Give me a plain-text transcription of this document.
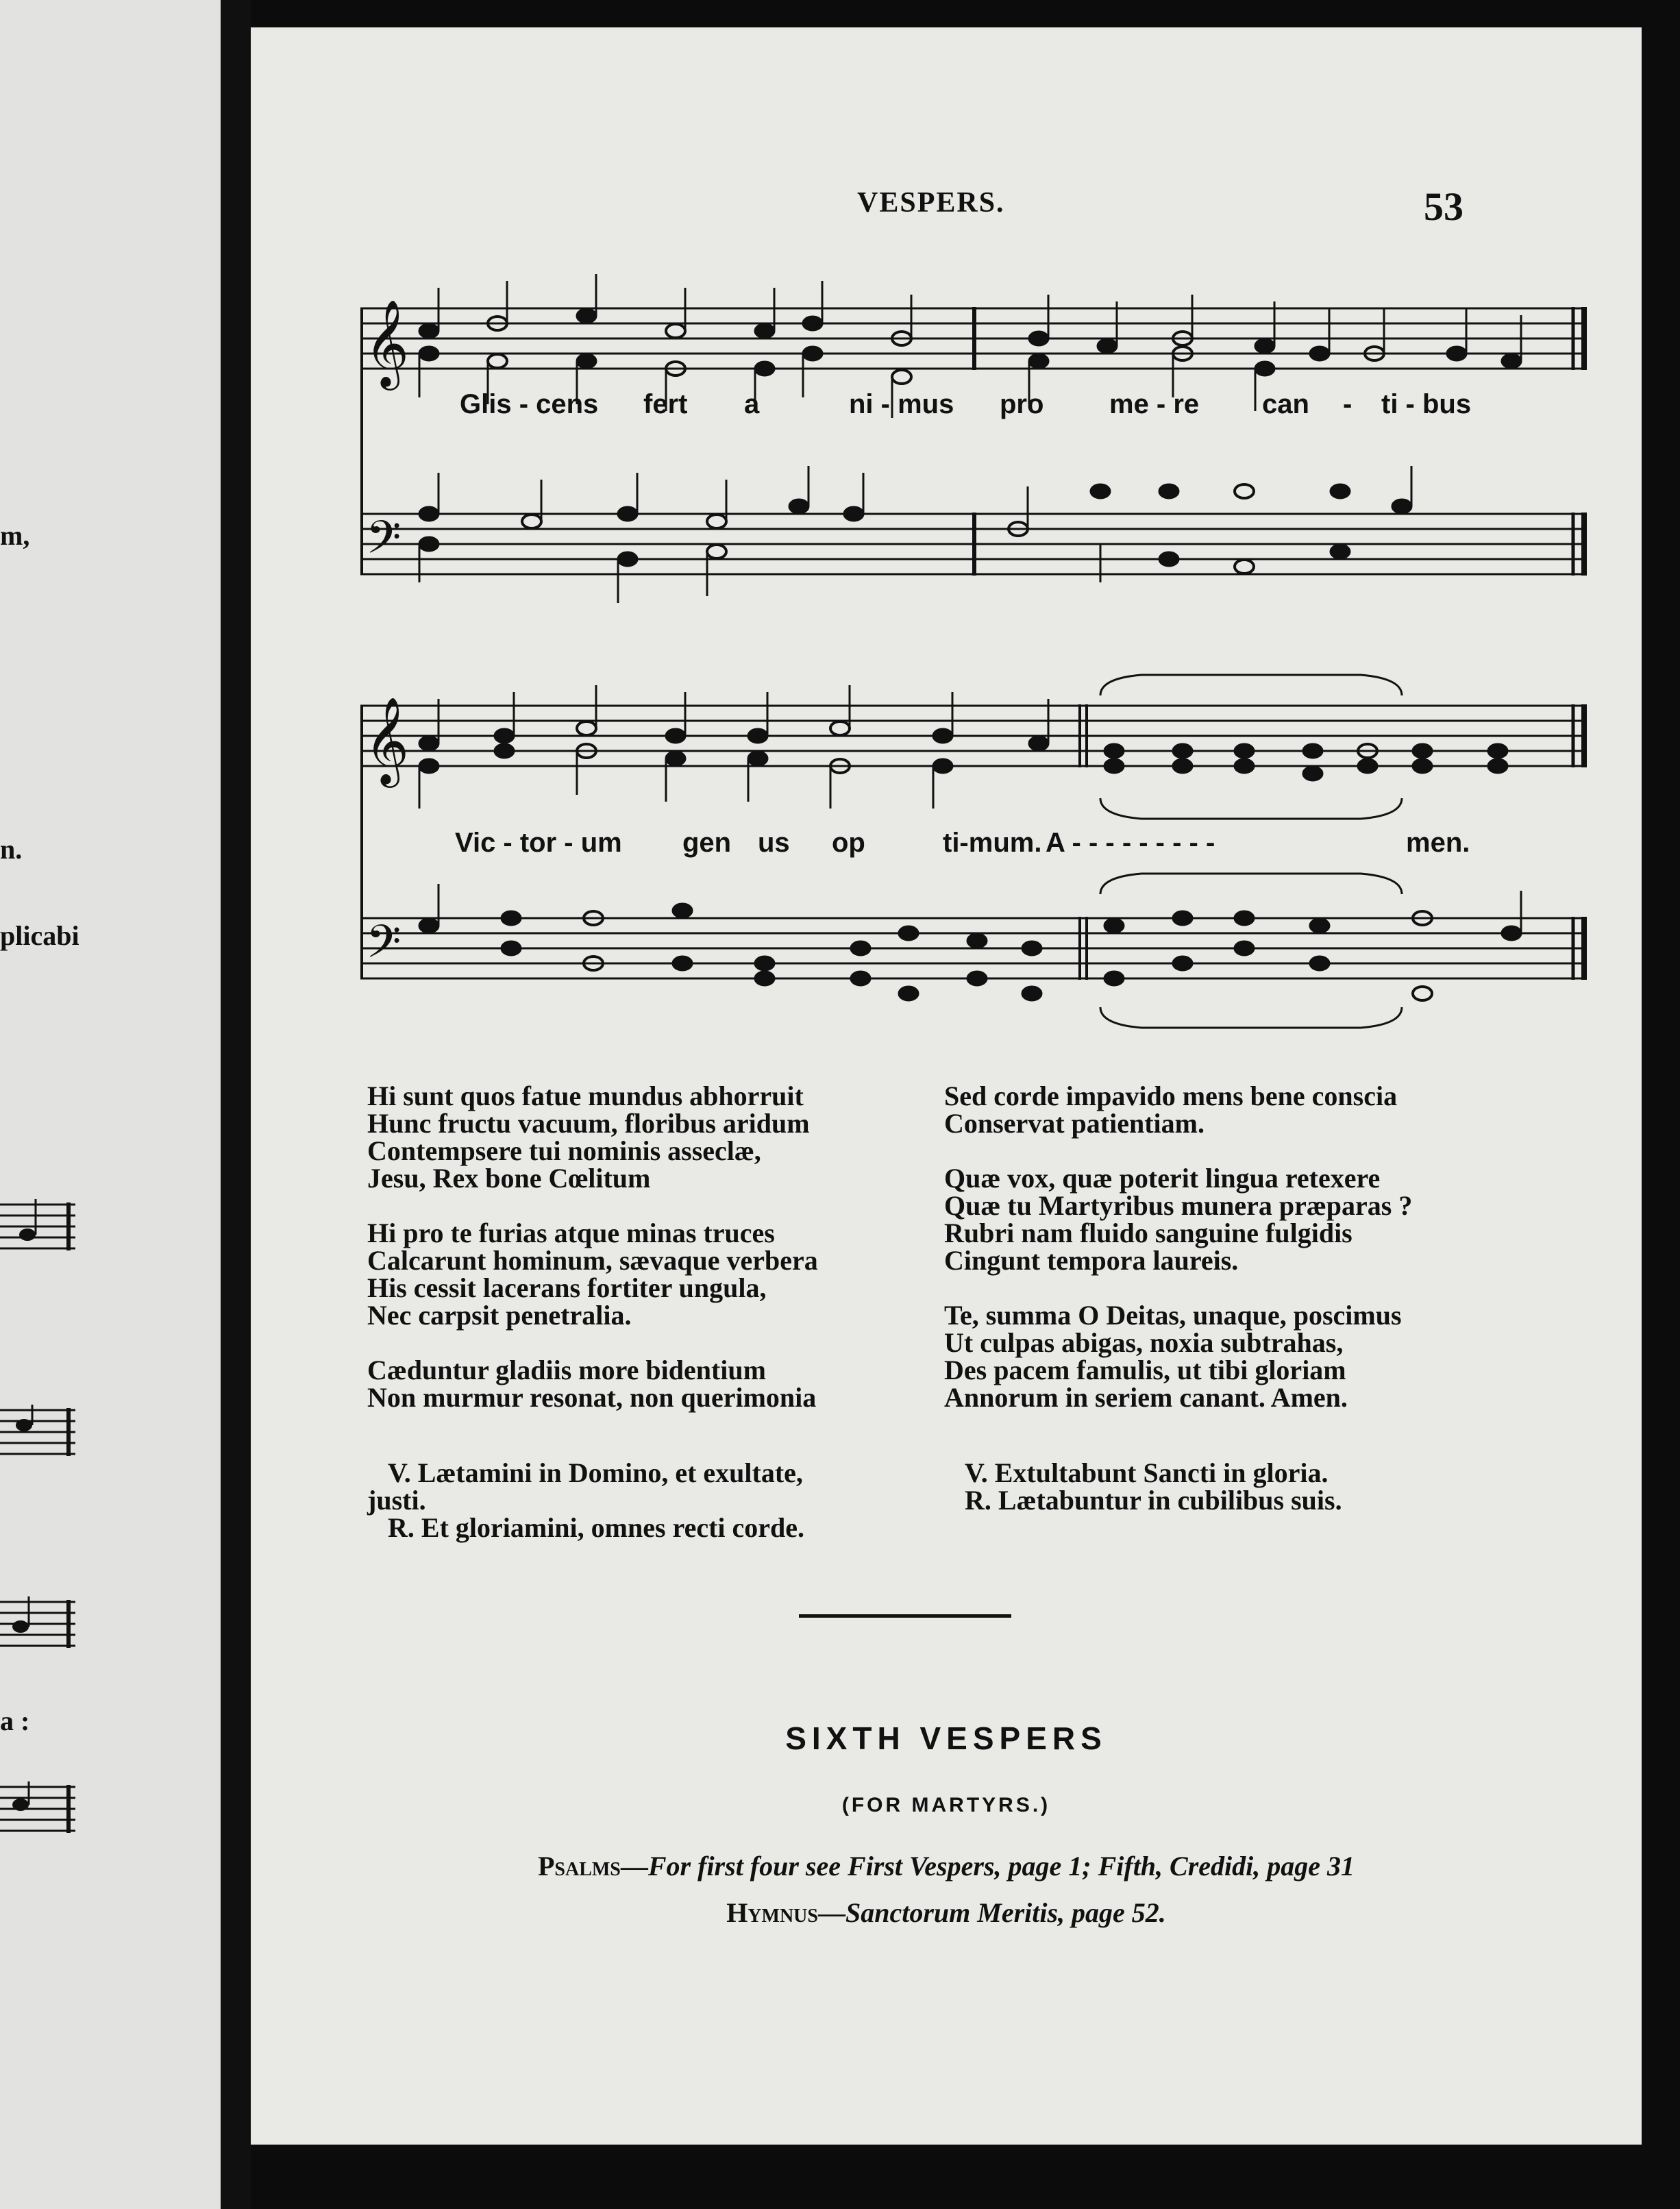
m,
n.
plicabi
a :
VESPERS.	53
𝄞
𝄢
Glis - cens fert a	ni - mus pro me - re can - ti - bus
𝄞
𝄢
Vic - tor - um gen us op	ti-mum. A - - - - - - - - -	men.
Hi sunt quos fatue mundus abhorruit
Hunc fructu vacuum, floribus aridum
Contempsere tui nominis asseclæ,
Jesu, Rex bone Cœlitum
Hi pro te furias atque minas truces
Calcarunt hominum, sævaque verbera
His cessit lacerans fortiter ungula,
Nec carpsit penetralia.
Cæduntur gladiis more bidentium
Non murmur resonat, non querimonia
Sed corde impavido mens bene conscia
Conservat patientiam.
Quæ vox, quæ poterit lingua retexere
Quæ tu Martyribus munera præparas ?
Rubri nam fluido sanguine fulgidis
Cingunt tempora laureis.
Te, summa O Deitas, unaque, poscimus
Ut culpas abigas, noxia subtrahas,
Des pacem famulis, ut tibi gloriam
Annorum in seriem canant. Amen.
V. Lætamini in Domino, et exultate,
justi.
R. Et gloriamini, omnes recti corde.
V. Extultabunt Sancti in gloria.
R. Lætabuntur in cubilibus suis.
SIXTH VESPERS
(FOR MARTYRS.)
Psalms—For first four see First Vespers, page 1; Fifth, Credidi, page 31
Hymnus—Sanctorum Meritis, page 52.
